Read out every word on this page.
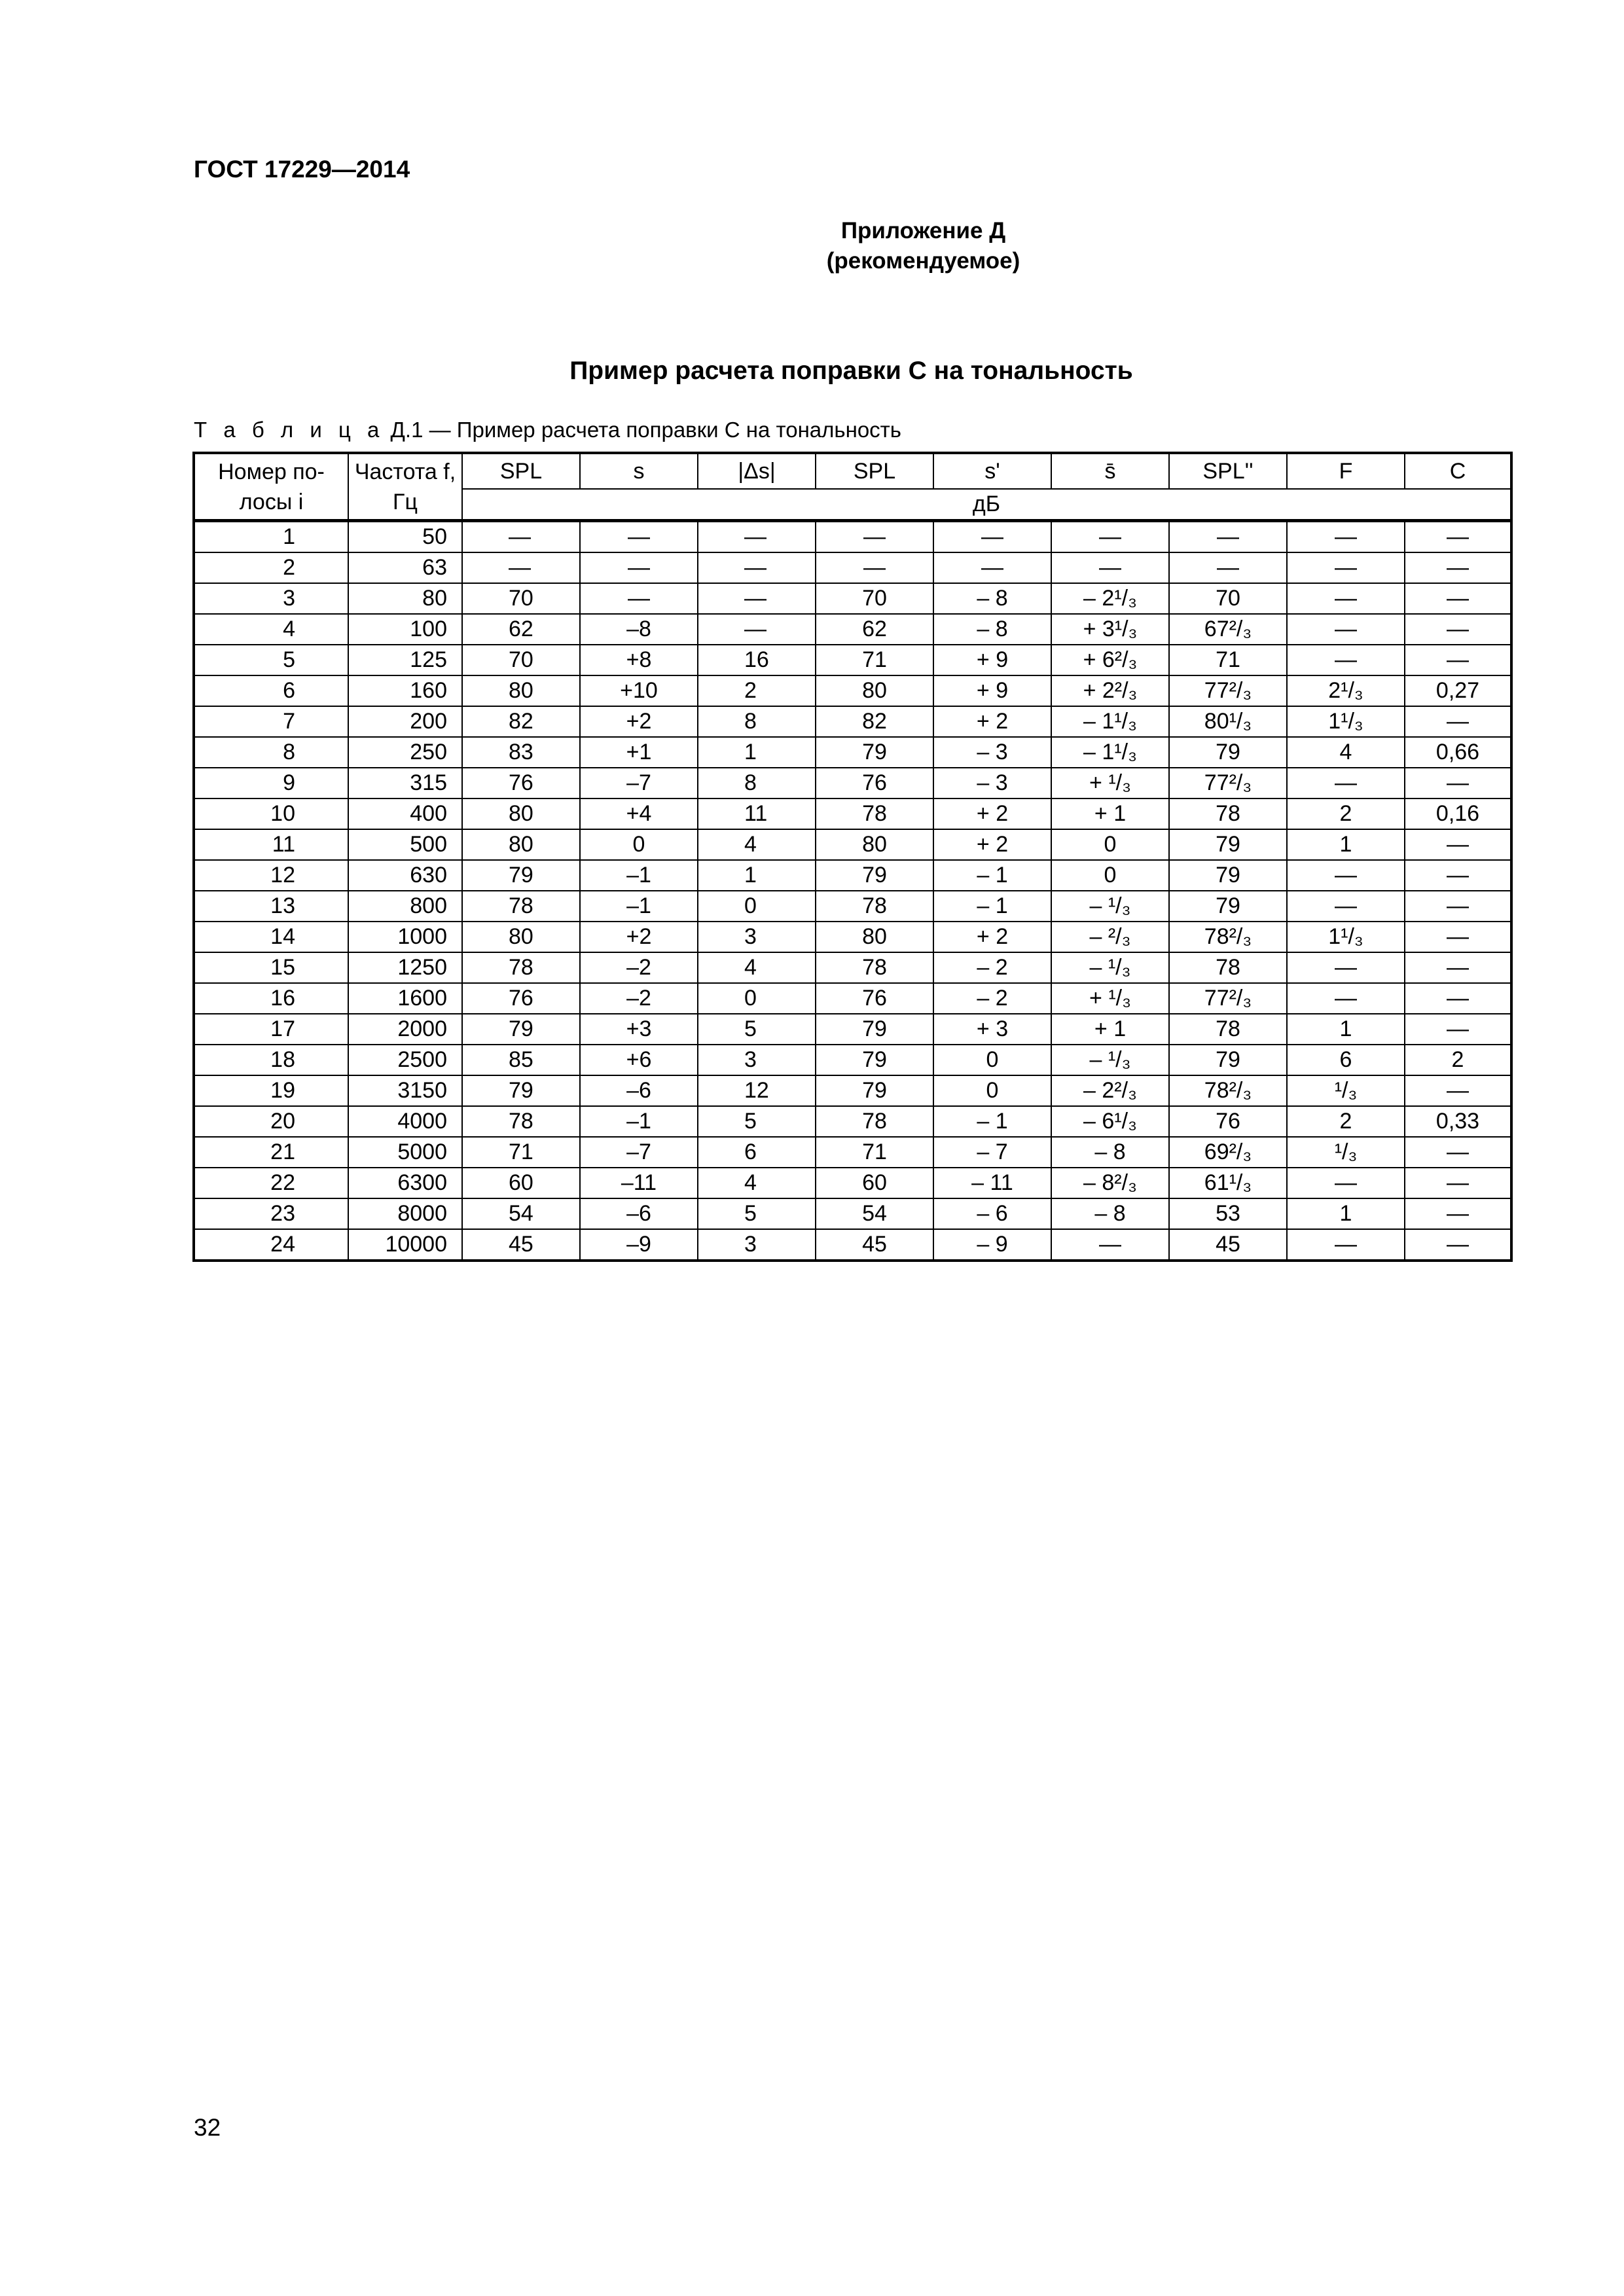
ГОСТ 17229—2014
Приложение Д
(рекомендуемое)
Пример расчета поправки C на тональность
Т а б л и ц а Д.1 — Пример расчета поправки C на тональность
Номер по-лосы i	Частота f, Гц	SPL	s	|Δs|	SPL	s'	s̄	SPL''	F	C
		дБ								
1	50	—	—	—	—	—	—	—	—	—
2	63	—	—	—	—	—	—	—	—	—
3	80	70	—	—	70	– 8	– 2¹/₃	70	—	—
4	100	62	–8	—	62	– 8	+ 3¹/₃	67²/₃	—	—
5	125	70	+8	16	71	+ 9	+ 6²/₃	71	—	—
6	160	80	+10	2	80	+ 9	+ 2²/₃	77²/₃	2¹/₃	0,27
7	200	82	+2	8	82	+ 2	– 1¹/₃	80¹/₃	1¹/₃	—
8	250	83	+1	1	79	– 3	– 1¹/₃	79	4	0,66
9	315	76	–7	8	76	– 3	+ ¹/₃	77²/₃	—	—
10	400	80	+4	11	78	+ 2	+ 1	78	2	0,16
11	500	80	0	4	80	+ 2	0	79	1	—
12	630	79	–1	1	79	– 1	0	79	—	—
13	800	78	–1	0	78	– 1	– ¹/₃	79	—	—
14	1000	80	+2	3	80	+ 2	– ²/₃	78²/₃	1¹/₃	—
15	1250	78	–2	4	78	– 2	– ¹/₃	78	—	—
16	1600	76	–2	0	76	– 2	+ ¹/₃	77²/₃	—	—
17	2000	79	+3	5	79	+ 3	+ 1	78	1	—
18	2500	85	+6	3	79	0	– ¹/₃	79	6	2
19	3150	79	–6	12	79	0	– 2²/₃	78²/₃	¹/₃	—
20	4000	78	–1	5	78	– 1	– 6¹/₃	76	2	0,33
21	5000	71	–7	6	71	– 7	– 8	69²/₃	¹/₃	—
22	6300	60	–11	4	60	– 11	– 8²/₃	61¹/₃	—	—
23	8000	54	–6	5	54	– 6	– 8	53	1	—
24	10000	45	–9	3	45	– 9	—	45	—	—
32
